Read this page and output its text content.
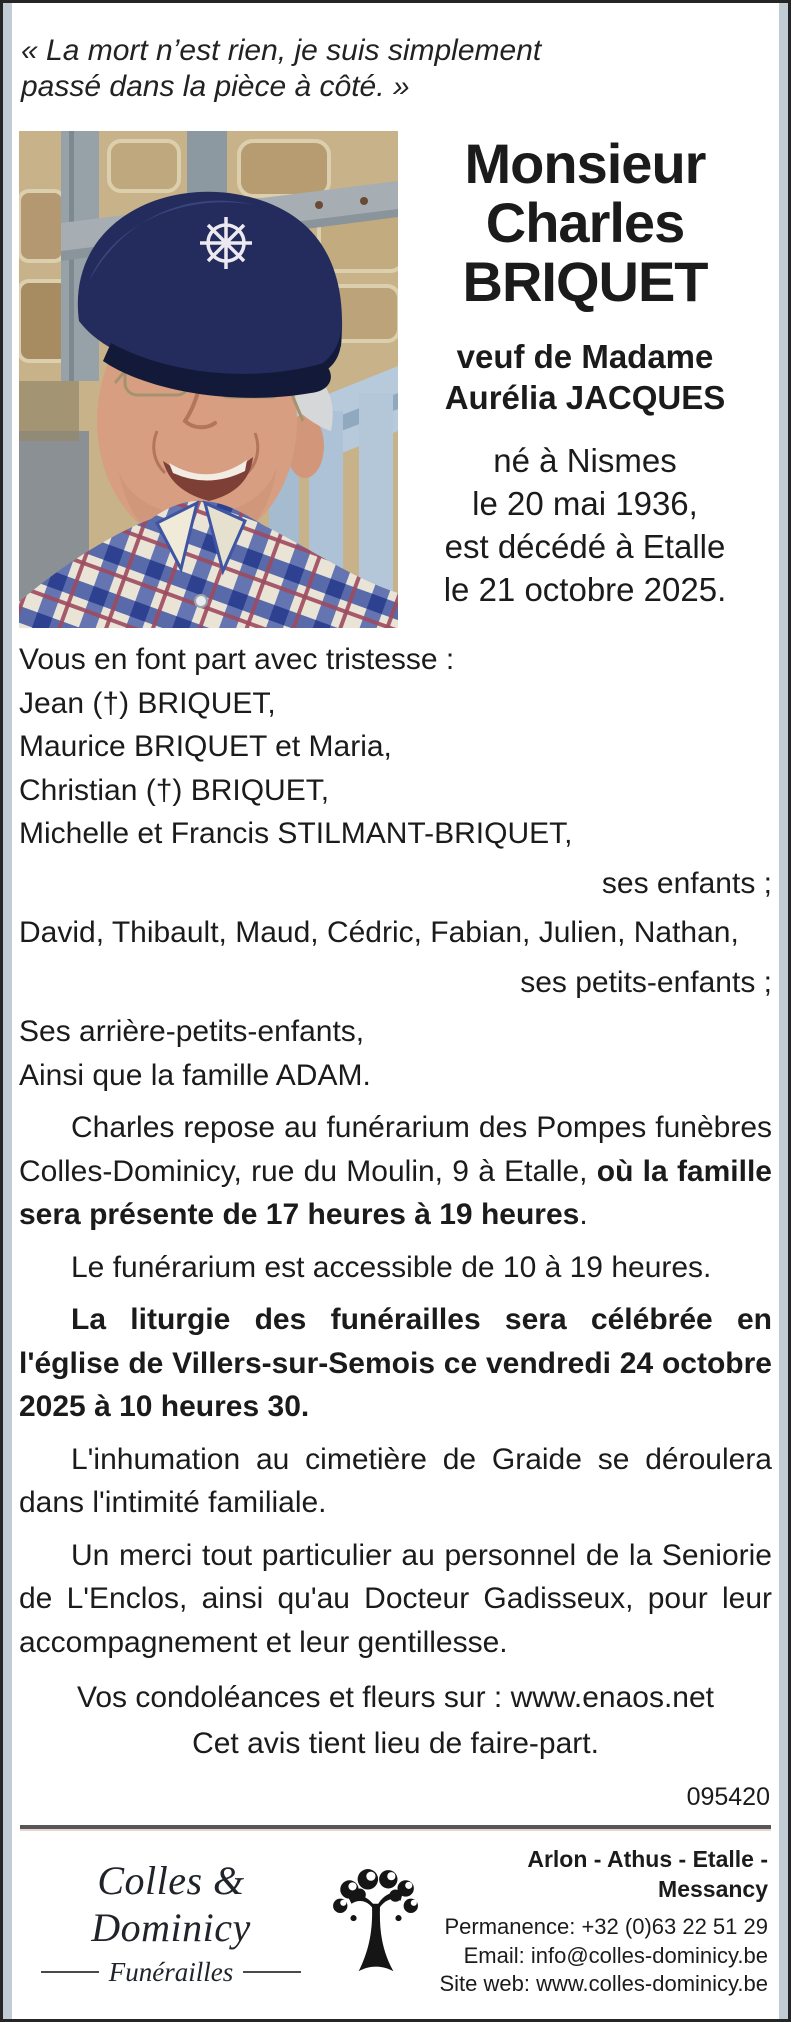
« La mort n’est rien, je suis simplement
passé dans la pièce à côté. »
Monsieur
Charles
BRIQUET
veuf de Madame
Aurélia JACQUES
né à Nismes
le 20 mai 1936,
est décédé à Etalle
le 21 octobre 2025.
Vous en font part avec tristesse :
Jean (†) BRIQUET,
Maurice BRIQUET et Maria,
Christian (†) BRIQUET,
Michelle et Francis STILMANT-BRIQUET,
ses enfants ;
David, Thibault, Maud, Cédric, Fabian, Julien, Nathan,
ses petits-enfants ;
Ses arrière-petits-enfants,
Ainsi que la famille ADAM.

Charles repose au funérarium des Pompes funèbres Colles-Dominicy, rue du Moulin, 9 à Etalle, où la famille sera présente de 17 heures à 19 heures.

Le funérarium est accessible de 10 à 19 heures.

La liturgie des funérailles sera célébrée en l'église de Villers-sur-Semois ce vendredi 24 octobre 2025 à 10 heures 30.

L'inhumation au cimetière de Graide se déroulera dans l'intimité familiale.

Un merci tout particulier au personnel de la Seniorie de L'Enclos, ainsi qu'au Docteur Gadisseux, pour leur accompagnement et leur gentillesse.

Vos condoléances et fleurs sur : www.enaos.net
Cet avis tient lieu de faire-part.
095420
Colles & Dominicy
Funérailles
Arlon - Athus - Etalle - Messancy
Permanence: +32 (0)63 22 51 29
Email: info@colles-dominicy.be
Site web: www.colles-dominicy.be
